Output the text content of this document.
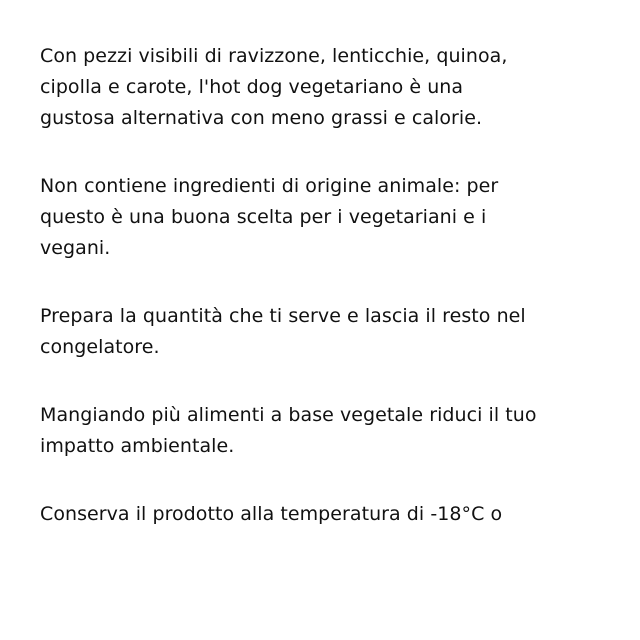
Con pezzi visibili di ravizzone, lenticchie, quinoa,
cipolla e carote, l'hot dog vegetariano è una
gustosa alternativa con meno grassi e calorie.

Non contiene ingredienti di origine animale: per
questo è una buona scelta per i vegetariani e i
vegani.

Prepara la quantità che ti serve e lascia il resto nel
congelatore.

Mangiando più alimenti a base vegetale riduci il tuo
impatto ambientale.

Conserva il prodotto alla temperatura di -18°C o
